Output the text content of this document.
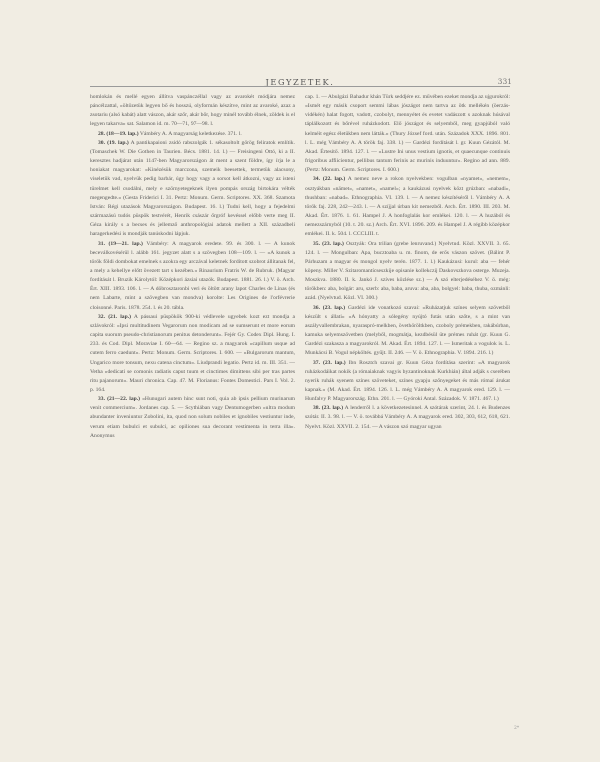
JEGYZETEK.	331

homlokán és mellé egyen állítva vaspánczéllal vagy az avarokét módjára nemez páncélzattal, «öltözetük legyen bő és hosszú, olyformán készítve, mint az avaroké, azaz a zsotariu (alsó kabát) alatt vászon, akár szőr, akár bőr, hogy minél tovább élnek, zöldek is el legyen takarva» sat. Salamon id. m. 70—71, 97—98. l.

28. (18—19. lap.) Vámbéry A. A magyarság keletkezése. 371. l.

30. (19. lap.) A pantikapaioni zsidó rabszolgák 1. sékasoltolt görög feliratok említik. (Tomaschek W. Die Gothen in Taurien. Bécs. 1881. 14. l.) — Freisingeni Ottó, ki a II. keresztes hadjárat után 1147-ben Magyarországon át ment a szent földre, így írja le a honiakat magyarokat: «Kinézésük marczona, szemeik beesettek, termetük alacsony, viseletük vad, nyelvük pedig barbár, úgy hogy vagy a sorsot kell átkozni, vagy az isteni türelmet kell csodálni, mely e szörnyetegeknek ilyen pompás ország birtokára vélték megengedte.» (Gesta Friderici I. 31. Pertz: Monum. Germ. Scriptores. XX. 368. Szamota István: Régi utazások Magyarországon. Budapest. 16. l.) Tudni kell, hogy a fejedelmi származású tudós püspök testvérét, Henrik császár őrgróf kevéssel előbb verte meg II. Géza király s a becses és jellemző anthropológiai adatok mellett a XII. századbeli haragerkedési is mondják tanúskodni lápjuk.

31. (19—21. lap.) Vámbéry: A magyarok eredete. 99. és 300. l. — A kunok beceválkovésérül l. alább 161. jegyzet alatt s a szövegben 108—109. l. — «A kunok a török földi dombokat emelnek s azokra egy arczával keletnek fordított szobrot állítanak fel, a mely a kehellye előtt övezett tart s kezében.» Rinaurium Fratris W. de Rubruk. (Magyar fordítását l. Bruzik Károlytól: Középkori ázsiai utazók. Budapest. 1881. 26. l.) V. ö. Arch. Ért. XIII. 1893. 106. l. — A döbrosztaronbi veri és öltött arany lapot Charles de Linas (és nem Labarte, mint a szövegben van mondva) korolte: Les Origines de l'orfévrerie cloisonné. Paris. 1878. 254. l. és 20. tábla.

32. (21. lap.) A pássaui püspökök 900-ki védlevele ugyebek kozt ezt mondja a szlávokról: «Ipsi multitudinem Vegarorum non modicam ad se sumserunt et more eorum capita suorum pseudo-christianorum penitus detonderunt». Fejér Gy. Codex Dipl. Hung. I. 233. és Cod. Dipl. Moraviae I. 60—64. — Regino sz. a magyarok «capillum usque ad cutem ferro caedunt». Pertz: Monum. Germ. Scriptores. I. 600. — «Bulgarorum mantum, Ungarico more tonsum, nexu catena cinctum». Liudprandi legatio. Pertz id. m. III. 351. — Vetha «dedicati se comonis radiatis caput tuum et cinctimes dimittens sibi per tras partes ritu pajanorum». Mauri chronica. Cap. 47. M. Florianus: Fontes Domestici. Pars I. Vol. 2. p. 164.

33. (21—22. lap.) «Hunugari autem hinc sunt noti, quia ab ipsis pellium murinarum venit commercium». Jordanes cap. 5. — Scythiában vagy Dentumogerben «ultra modum abundanter inveniuntur Zobolini, ita, quod non solum nobiles et ignobiles vestiuntur inde, verum etiam bubulci et subulci, ac opiliones sua decorant vestimenta in terra illa». Anonymus

cap. 1. — Abulgázi Bahadur khán Türk seddjére ez. művében ezeket mondja az ujgurokról: «Ismét egy másik csoport semmi lábas jószágot nem tartva az ötk mellékén (öerzás-vidékén) halat fogott, vadott, czobolyt, mennyétet és evetet vadászott s azoknak húsával táplálkozott és bőrével ruházkodott. Elő jószágot és selyemből, meg gyapjúból való kelméit egész életükben nem látták.» (Thury József ford. után. Századok XXX. 1896. 801. l. L. még Vámbéry A. A török faj. 338. l.) — Gardézi fordítását l. gr. Kuun Gézától. M. Akad. Értesítő. 1894. 127. l. — «Lustre Ini unus vestium ignotis, et quaecunque continuis frigoribus affiicientur, pellibus tantum ferinis ac murinis induuntur». Regino ad ann. 889. (Pertz: Monum. Germ. Scriptores. I. 600.)

34. (22. lap.) A nemez neve a rokon nyelvekben: vogulban «nyamet», «nemem», osztyákban «nämet», «namet», «namel»; a kaukázusi nyelvek közt grúzban: «nabadi», thushban: «nabad». Ethnographia. VI. 139. l. — A nemez készítéséről l. Vámbéry A. A török faj. 228, 242—243. l. — A szíjjal úrban kit nemezből. Arch. Ért. 1890. III. 203. M. Akad. Ért. 1876. 1. 61. Hampel J. A honfoglalás kor emlékei. 120. l. — A huzából és nemezszárnyból (10. t. 20. sz.) Arch. Ért. XVI. 1896. 209. és Hampel J. A régibb középkor emlékei. II. k. 504. l. CCCLIII. t.

35. (23. lap.) Osztyák: Ora trilian (grebe lenruvand.) Nyelvtud. Közl. XXVII. 3. 65. 124. l. — Mongulban: Apa, bucztoaba u. m. finom, de erős vászon szövet. (Bálint P. Párhuzam a magyar és mongol nyelv terén. 1877. 1. l.) Kaukázusi: kurul: aba — fehér köpeny. Miller V. Szitaromantícseszkije opisanie kollekczij Daskovszkova osterge. Muzeja. Moszkva. 1880. II. k. Jankó J. szíves közlése sz.) — A szó elterjedéséhez V. ö. még: törökben: aba, bolgár: aru, szerb: aba, baba, aruva: aba, aba, bolgyel: baba, thuba, ozmánli: azád. (Nyelvtud. Közl. VI. 300.)

36. (23. lap.) Gardézi ide vonatkozó szavai: «Ruházatjuk színes selyem szövetből készült s állati» «A hónyatty a sólegény nyújtó futás után szőte, s a mint van aszályvallembrakan, nyaraspró-melkben, övethöröltkben, czoboly prémekben, rakábúrban, kamuka selyemszövetben (melyből, mogmátja, kezdbésül üte prémes ruhát (gr. Kuun G. Gardézi szakasza a magyarokról. M. Akad. Ért. 1894. 127. l. — Ismeritak a vogulok is. L. Munkácsi B. Vogul népköltés. gyűjt. II. 246. — V. ö. Ethnographia. V. 1894. 216. l.)

37. (23. lap.) Ibn Rosztch szavai gr. Kuun Géza fordítása szerint: «A magyarok ruházkodáikat nokik (a rómaiaknak vagyis byzantinoknak Kurkhián) által adják s cserében nyerik ruhák syenem színes szöveteket, színes gyapju szőnyegeket és más rómaí árukat kapnak.» (M. Akad. Ért. 1894. 126. l. L. még Vámbéry A. A magyarok ered. 129. l. — Hunfalvy P. Magyarország. Ethn. 201. l. — Gyóroki Antal. Századok. V. 1871. 467. l.)

38. (23. lap.) A lenderről l. a következetesinnel. A szótárak szerint, 24. l. és Budenzes szótár. II. 3. 98. l. — V. ö. továbbá Vámbéry A. A magyarok ered. 302, 303, 612, 618, 621. Nyelvt. Közl. XXVII. 2. 154. — A vászon szó magyar ugyan

2*
